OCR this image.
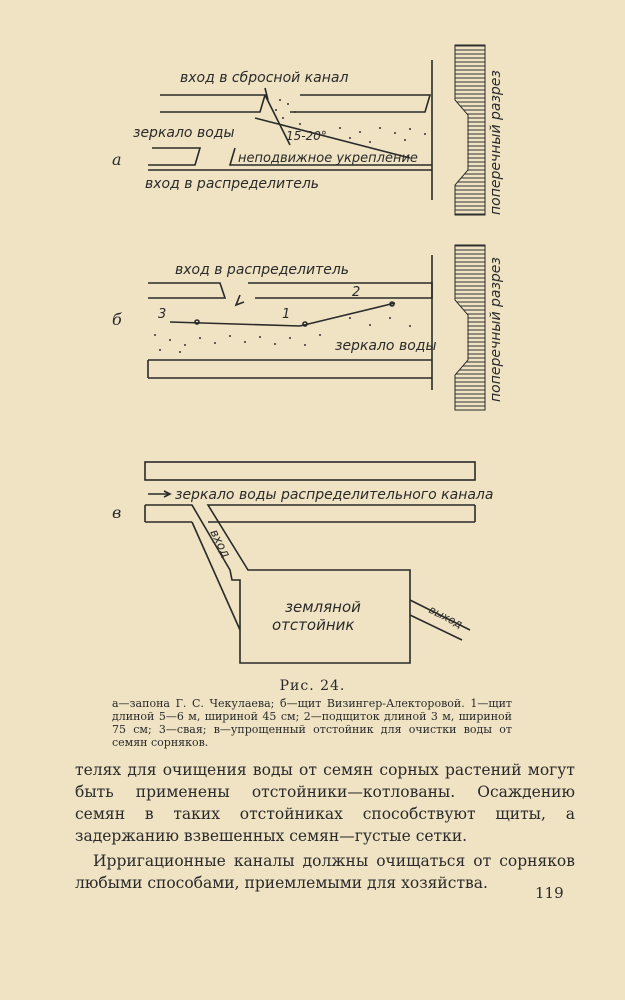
вход в сбросной канал
зеркало воды	15-20°
неподвижное укрепление
вход в распределитель
а	поперечный разрез
вход в распределитель
3	1
2
зеркало воды
б	поперечный разрез
зеркало воды распределительного канала
вход
земляной
отстойник	выход
в
Рис. 24.
а—запона Г. С. Чекулаева; б—щит Визингер-Алекторовой. 1—щит длиной 5—6 м, шириной 45 см; 2—подщиток длиной 3 м, шириной 75 см; 3—свая; в—упрощенный отстойник для очистки воды от семян сорняков.
телях для очищения воды от семян сорных растений могут быть применены отстойники—котлованы. Осаждению семян в таких отстойниках способствуют щиты, а задержанию взвешенных семян—густые сетки.
Ирригационные каналы должны очищаться от сорняков любыми способами, приемлемыми для хозяйства.
119
